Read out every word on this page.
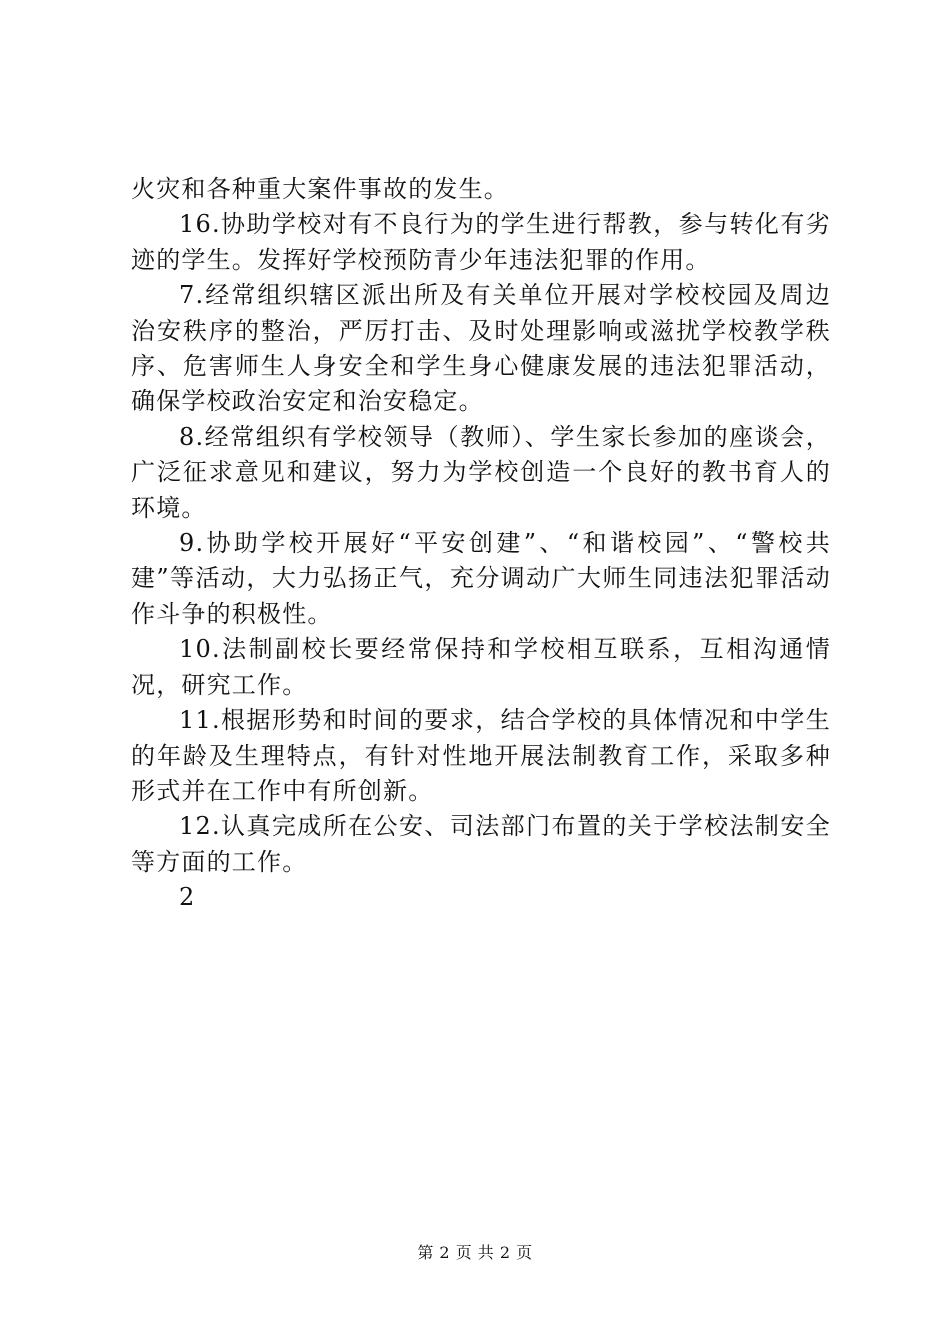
火灾和各种重大案件事故的发生。

16.协助学校对有不良行为的学生进行帮教，参与转化有劣迹的学生。发挥好学校预防青少年违法犯罪的作用。

7.经常组织辖区派出所及有关单位开展对学校校园及周边治安秩序的整治，严厉打击、及时处理影响或滋扰学校教学秩序、危害师生人身安全和学生身心健康发展的违法犯罪活动，确保学校政治安定和治安稳定。

8.经常组织有学校领导（教师）、学生家长参加的座谈会，广泛征求意见和建议，努力为学校创造一个良好的教书育人的环境。

9.协助学校开展好“平安创建”、“和谐校园”、“警校共建”等活动，大力弘扬正气，充分调动广大师生同违法犯罪活动作斗争的积极性。

10.法制副校长要经常保持和学校相互联系，互相沟通情况，研究工作。

11.根据形势和时间的要求，结合学校的具体情况和中学生的年龄及生理特点，有针对性地开展法制教育工作，采取多种形式并在工作中有所创新。

12.认真完成所在公安、司法部门布置的关于学校法制安全等方面的工作。

2

第 2 页 共 2 页
